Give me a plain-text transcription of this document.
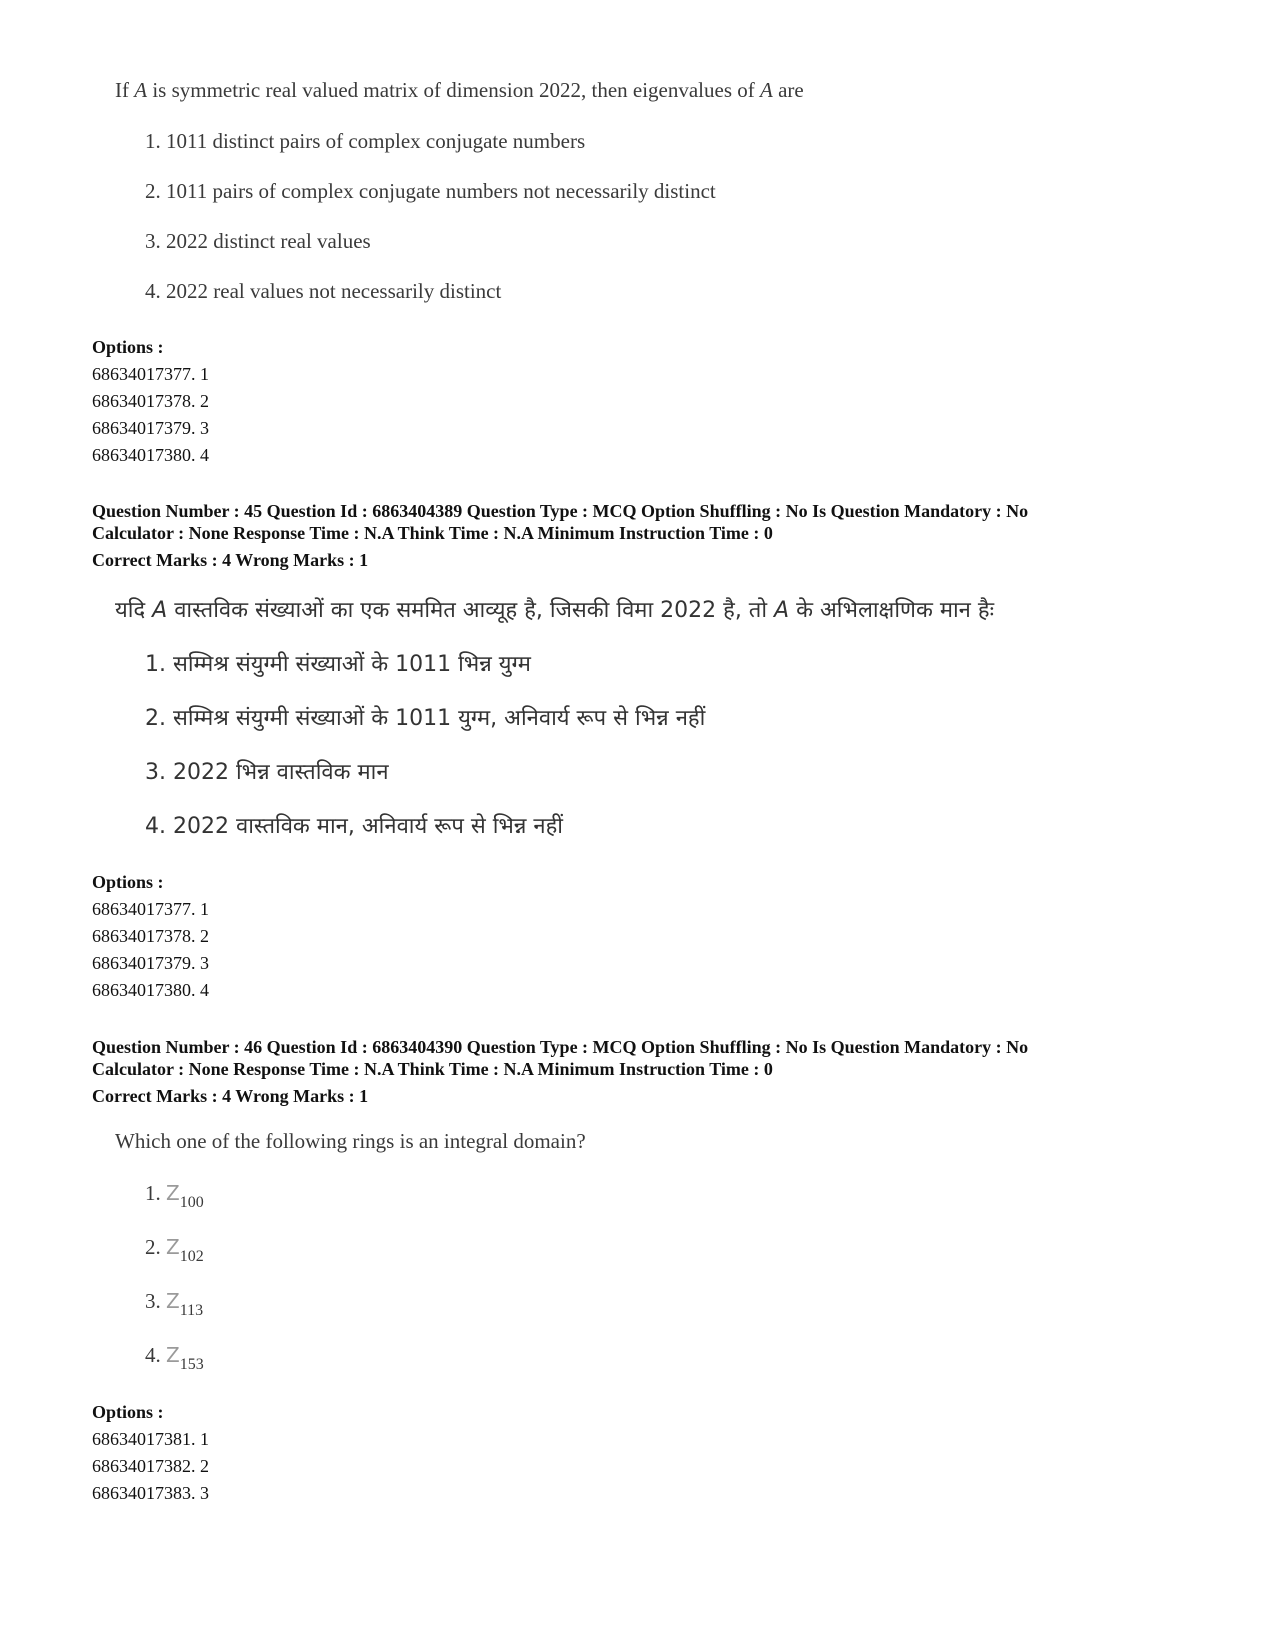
If A is symmetric real valued matrix of dimension 2022, then eigenvalues of A are
1. 1011 distinct pairs of complex conjugate numbers
2. 1011 pairs of complex conjugate numbers not necessarily distinct
3. 2022 distinct real values
4. 2022 real values not necessarily distinct
Options :
68634017377. 1
68634017378. 2
68634017379. 3
68634017380. 4
Question Number : 45 Question Id : 6863404389 Question Type : MCQ Option Shuffling : No Is Question Mandatory : No
Calculator : None Response Time : N.A Think Time : N.A Minimum Instruction Time : 0
Correct Marks : 4 Wrong Marks : 1
यदि A वास्तविक संख्याओं का एक सममित आव्यूह है, जिसकी विमा 2022 है, तो A के अभिलाक्षणिक मान हैः
1. सम्मिश्र संयुग्मी संख्याओं के 1011 भिन्न युग्म
2. सम्मिश्र संयुग्मी संख्याओं के 1011 युग्म, अनिवार्य रूप से भिन्न नहीं
3. 2022 भिन्न वास्तविक मान
4. 2022 वास्तविक मान, अनिवार्य रूप से भिन्न नहीं
Options :
68634017377. 1
68634017378. 2
68634017379. 3
68634017380. 4
Question Number : 46 Question Id : 6863404390 Question Type : MCQ Option Shuffling : No Is Question Mandatory : No
Calculator : None Response Time : N.A Think Time : N.A Minimum Instruction Time : 0
Correct Marks : 4 Wrong Marks : 1
Which one of the following rings is an integral domain?
1. $Z_{100}$
2. $Z_{102}$
3. $Z_{113}$
4. $Z_{153}$
Options :
68634017381. 1
68634017382. 2
68634017383. 3
